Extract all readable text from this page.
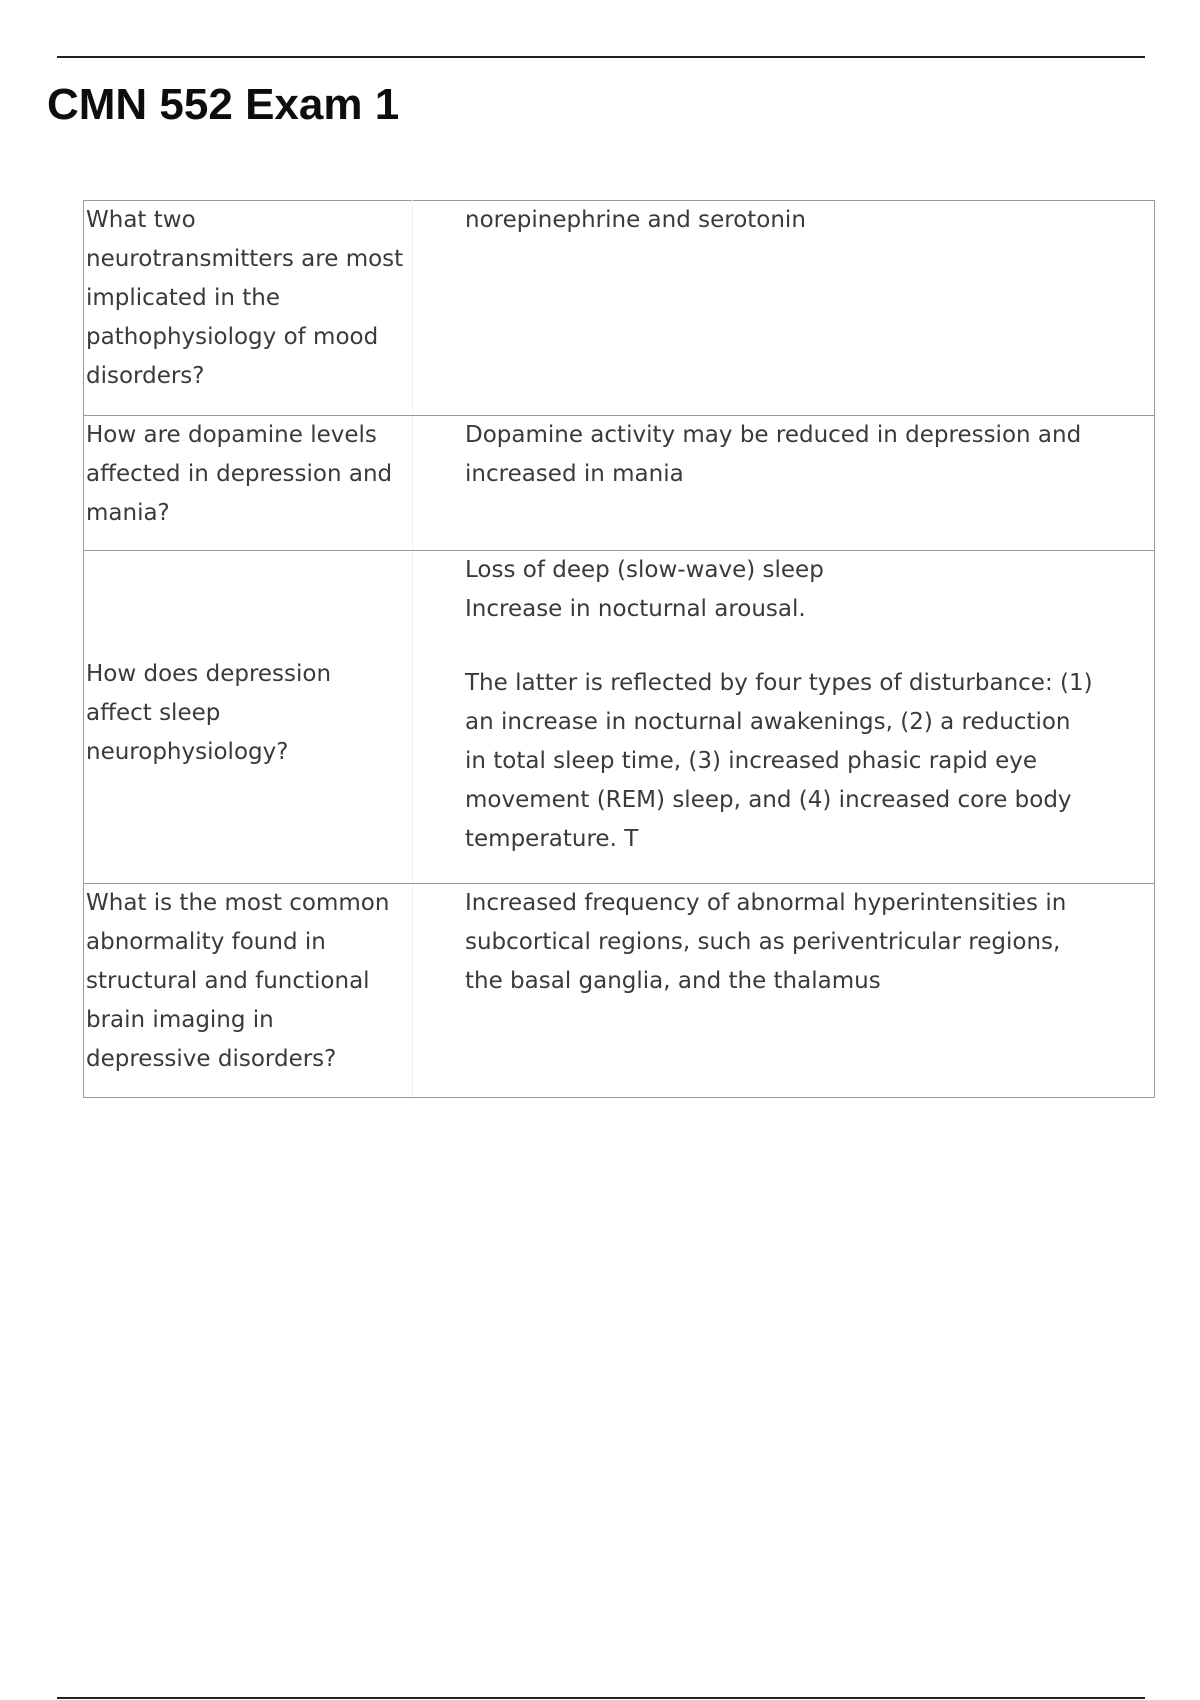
CMN 552 Exam 1
What two neurotransmitters are most implicated in the pathophysiology of mood disorders?	norepinephrine and serotonin
How are dopamine levels affected in depression and mania?	Dopamine activity may be reduced in depression and increased in mania
How does depression affect sleep neurophysiology?	Loss of deep (slow-wave) sleep
Increase in nocturnal arousal.
The latter is reflected by four types of disturbance: (1) an increase in nocturnal awakenings, (2) a reduction in total sleep time, (3) increased phasic rapid eye movement (REM) sleep, and (4) increased core body temperature. T

What is the most common abnormality found in structural and functional brain imaging in depressive disorders?	Increased frequency of abnormal hyperintensities in subcortical regions, such as periventricular regions, the basal ganglia, and the thalamus
